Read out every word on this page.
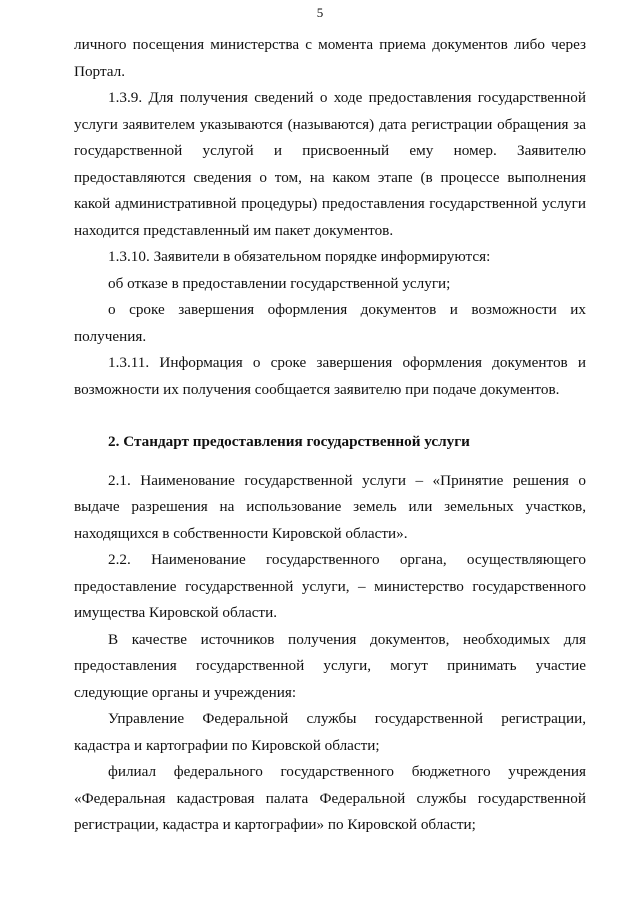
5

личного посещения министерства с момента приема документов либо через Портал.

1.3.9. Для получения сведений о ходе предоставления государственной услуги заявителем указываются (называются) дата регистрации обращения за государственной услугой и присвоенный ему номер. Заявителю предоставляются сведения о том, на каком этапе (в процессе выполнения какой административной процедуры) предоставления государственной услуги находится представленный им пакет документов.

1.3.10. Заявители в обязательном порядке информируются:

об отказе в предоставлении государственной услуги;

о сроке завершения оформления документов и возможности их получения.

1.3.11. Информация о сроке завершения оформления документов и возможности их получения сообщается заявителю при подаче документов.

2. Стандарт предоставления государственной услуги

2.1. Наименование государственной услуги – «Принятие решения о выдаче разрешения на использование земель или земельных участков, находящихся в собственности Кировской области».

2.2. Наименование государственного органа, осуществляющего предоставление государственной услуги, – министерство государственного имущества Кировской области.

В качестве источников получения документов, необходимых для предоставления государственной услуги, могут принимать участие следующие органы и учреждения:

Управление Федеральной службы государственной регистрации, кадастра и картографии по Кировской области;

филиал федерального государственного бюджетного учреждения «Федеральная кадастровая палата Федеральной службы государственной регистрации, кадастра и картографии» по Кировской области;
